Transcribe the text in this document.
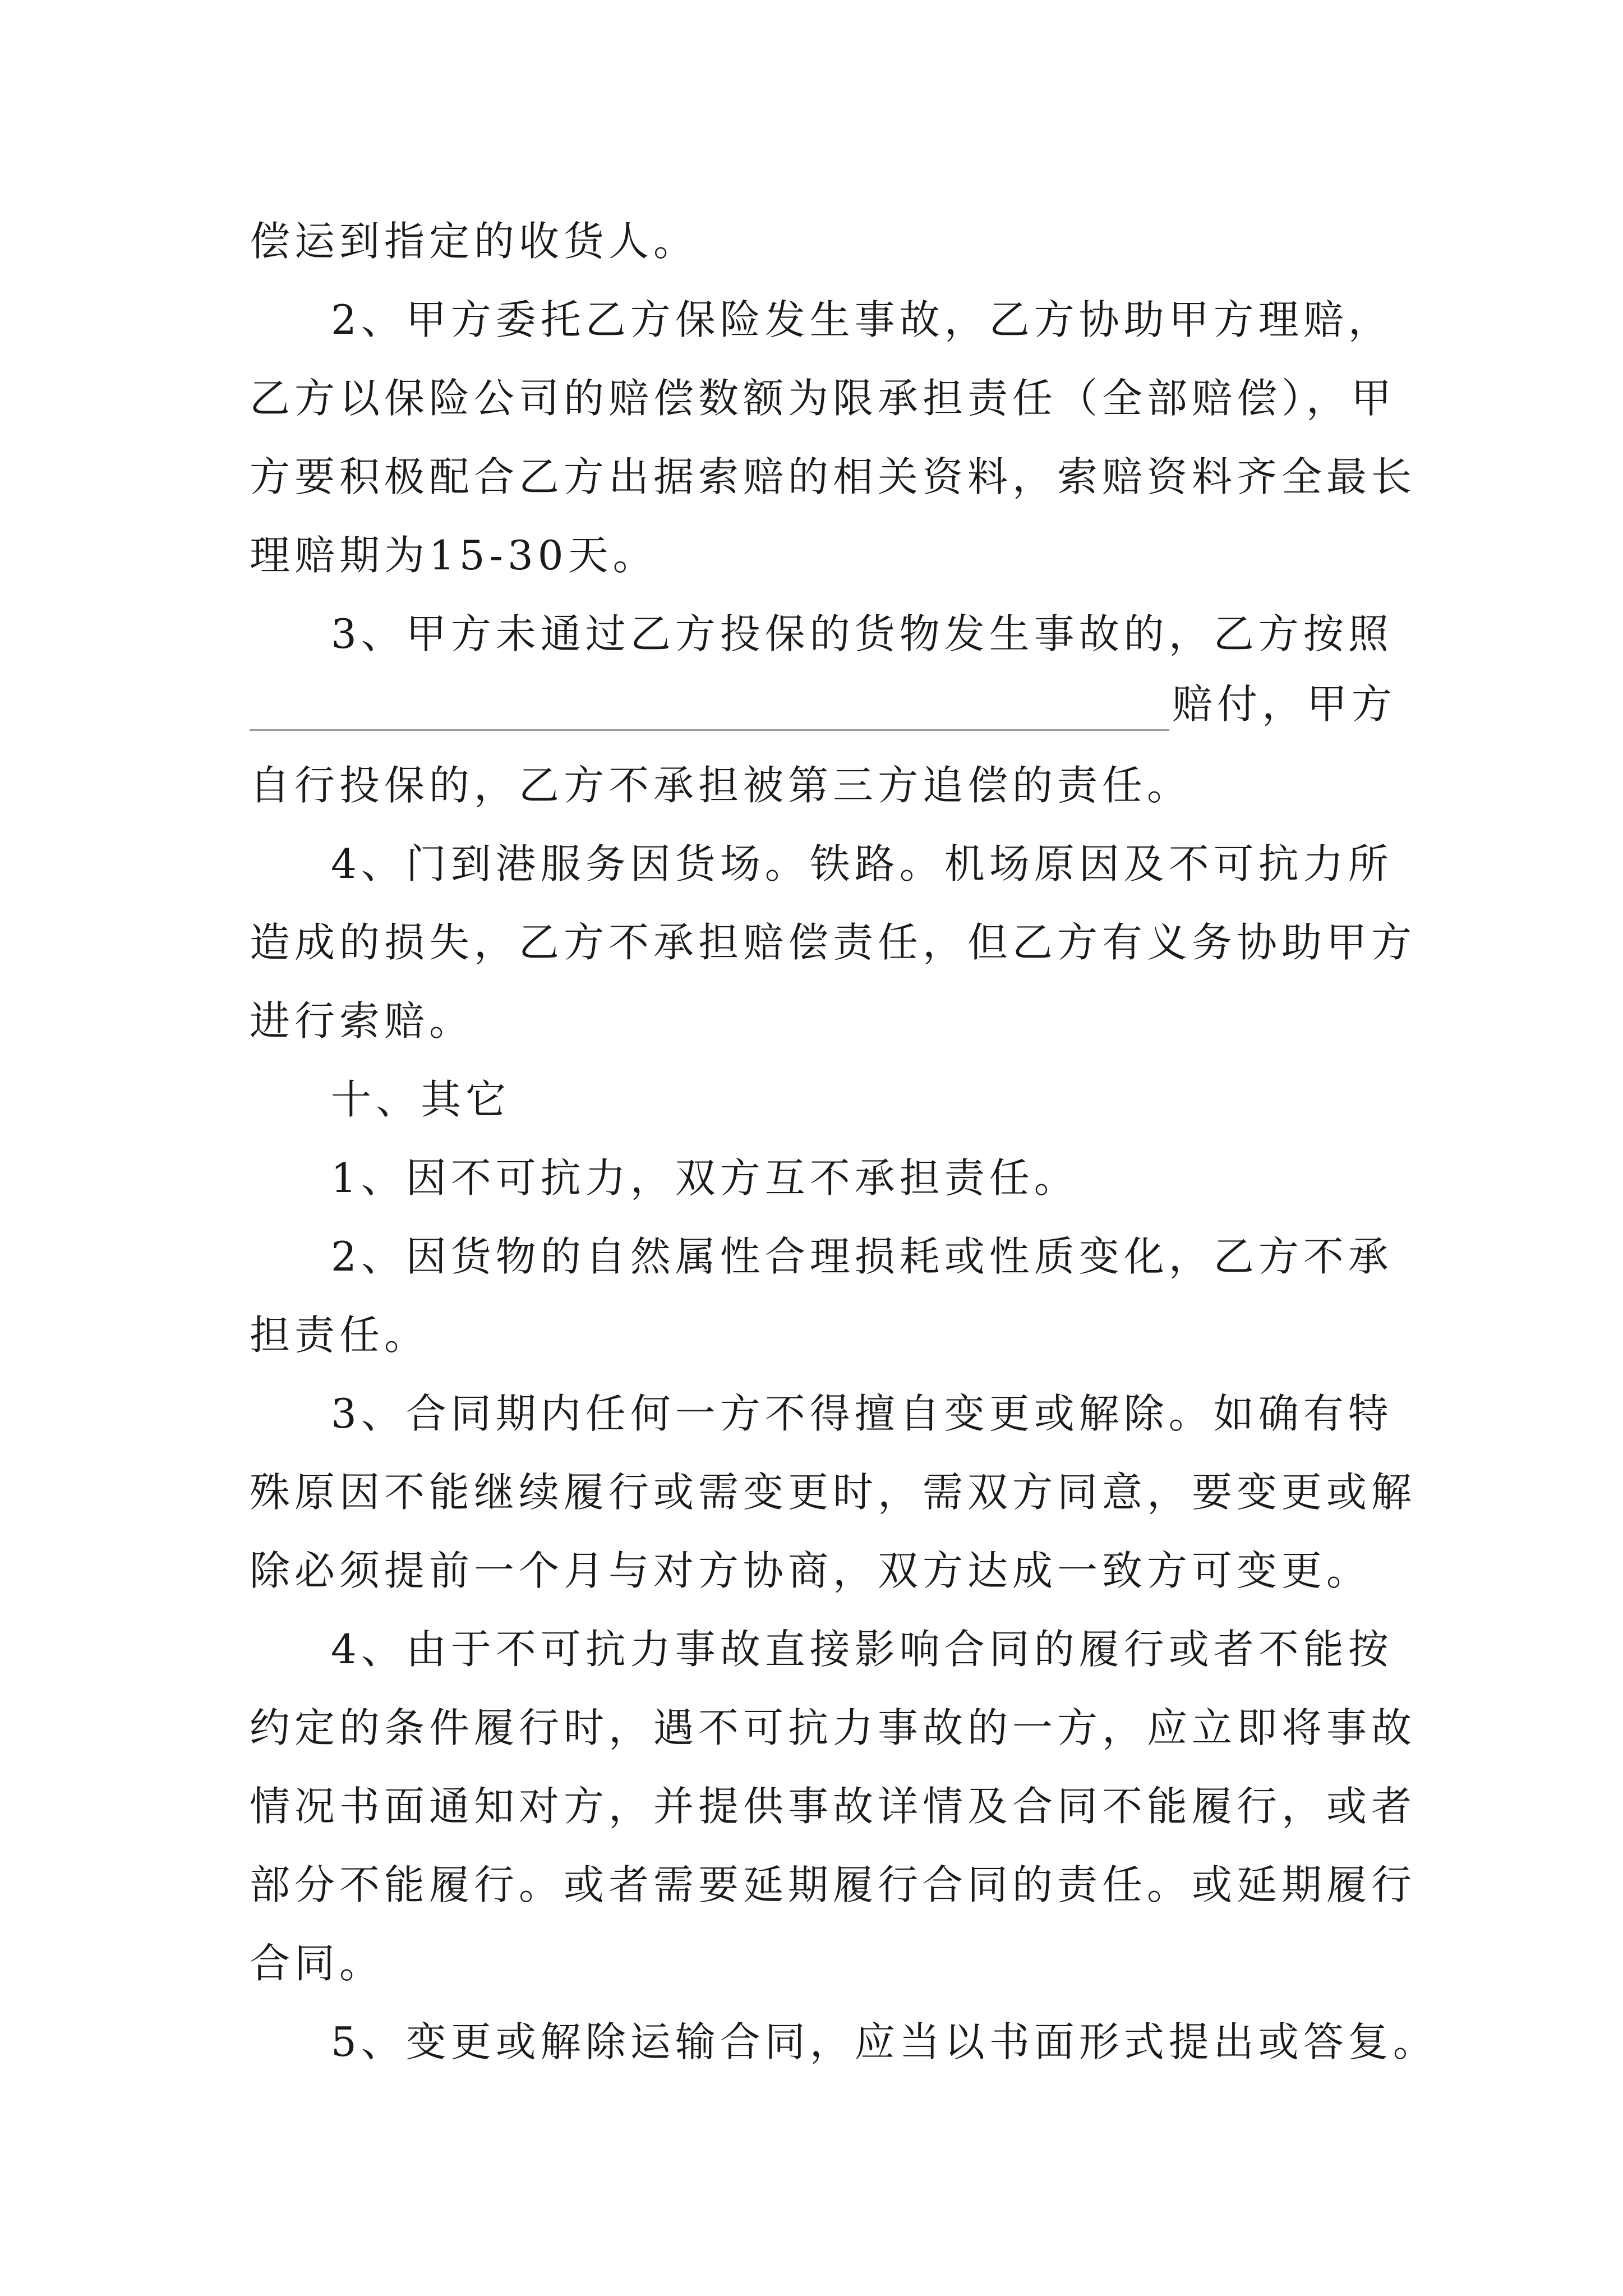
偿运到指定的收货人。
2、甲方委托乙方保险发生事故，乙方协助甲方理赔，
乙方以保险公司的赔偿数额为限承担责任（全部赔偿），甲
方要积极配合乙方出据索赔的相关资料，索赔资料齐全最长
理赔期为15-30天。
3、甲方未通过乙方投保的货物发生事故的，乙方按照
赔付，甲方
自行投保的，乙方不承担被第三方追偿的责任。
4、门到港服务因货场。铁路。机场原因及不可抗力所
造成的损失，乙方不承担赔偿责任，但乙方有义务协助甲方
进行索赔。
十、其它
1、因不可抗力，双方互不承担责任。
2、因货物的自然属性合理损耗或性质变化，乙方不承
担责任。
3、合同期内任何一方不得擅自变更或解除。如确有特
殊原因不能继续履行或需变更时，需双方同意，要变更或解
除必须提前一个月与对方协商，双方达成一致方可变更。
4、由于不可抗力事故直接影响合同的履行或者不能按
约定的条件履行时，遇不可抗力事故的一方，应立即将事故
情况书面通知对方，并提供事故详情及合同不能履行，或者
部分不能履行。或者需要延期履行合同的责任。或延期履行
合同。
5、变更或解除运输合同，应当以书面形式提出或答复。
